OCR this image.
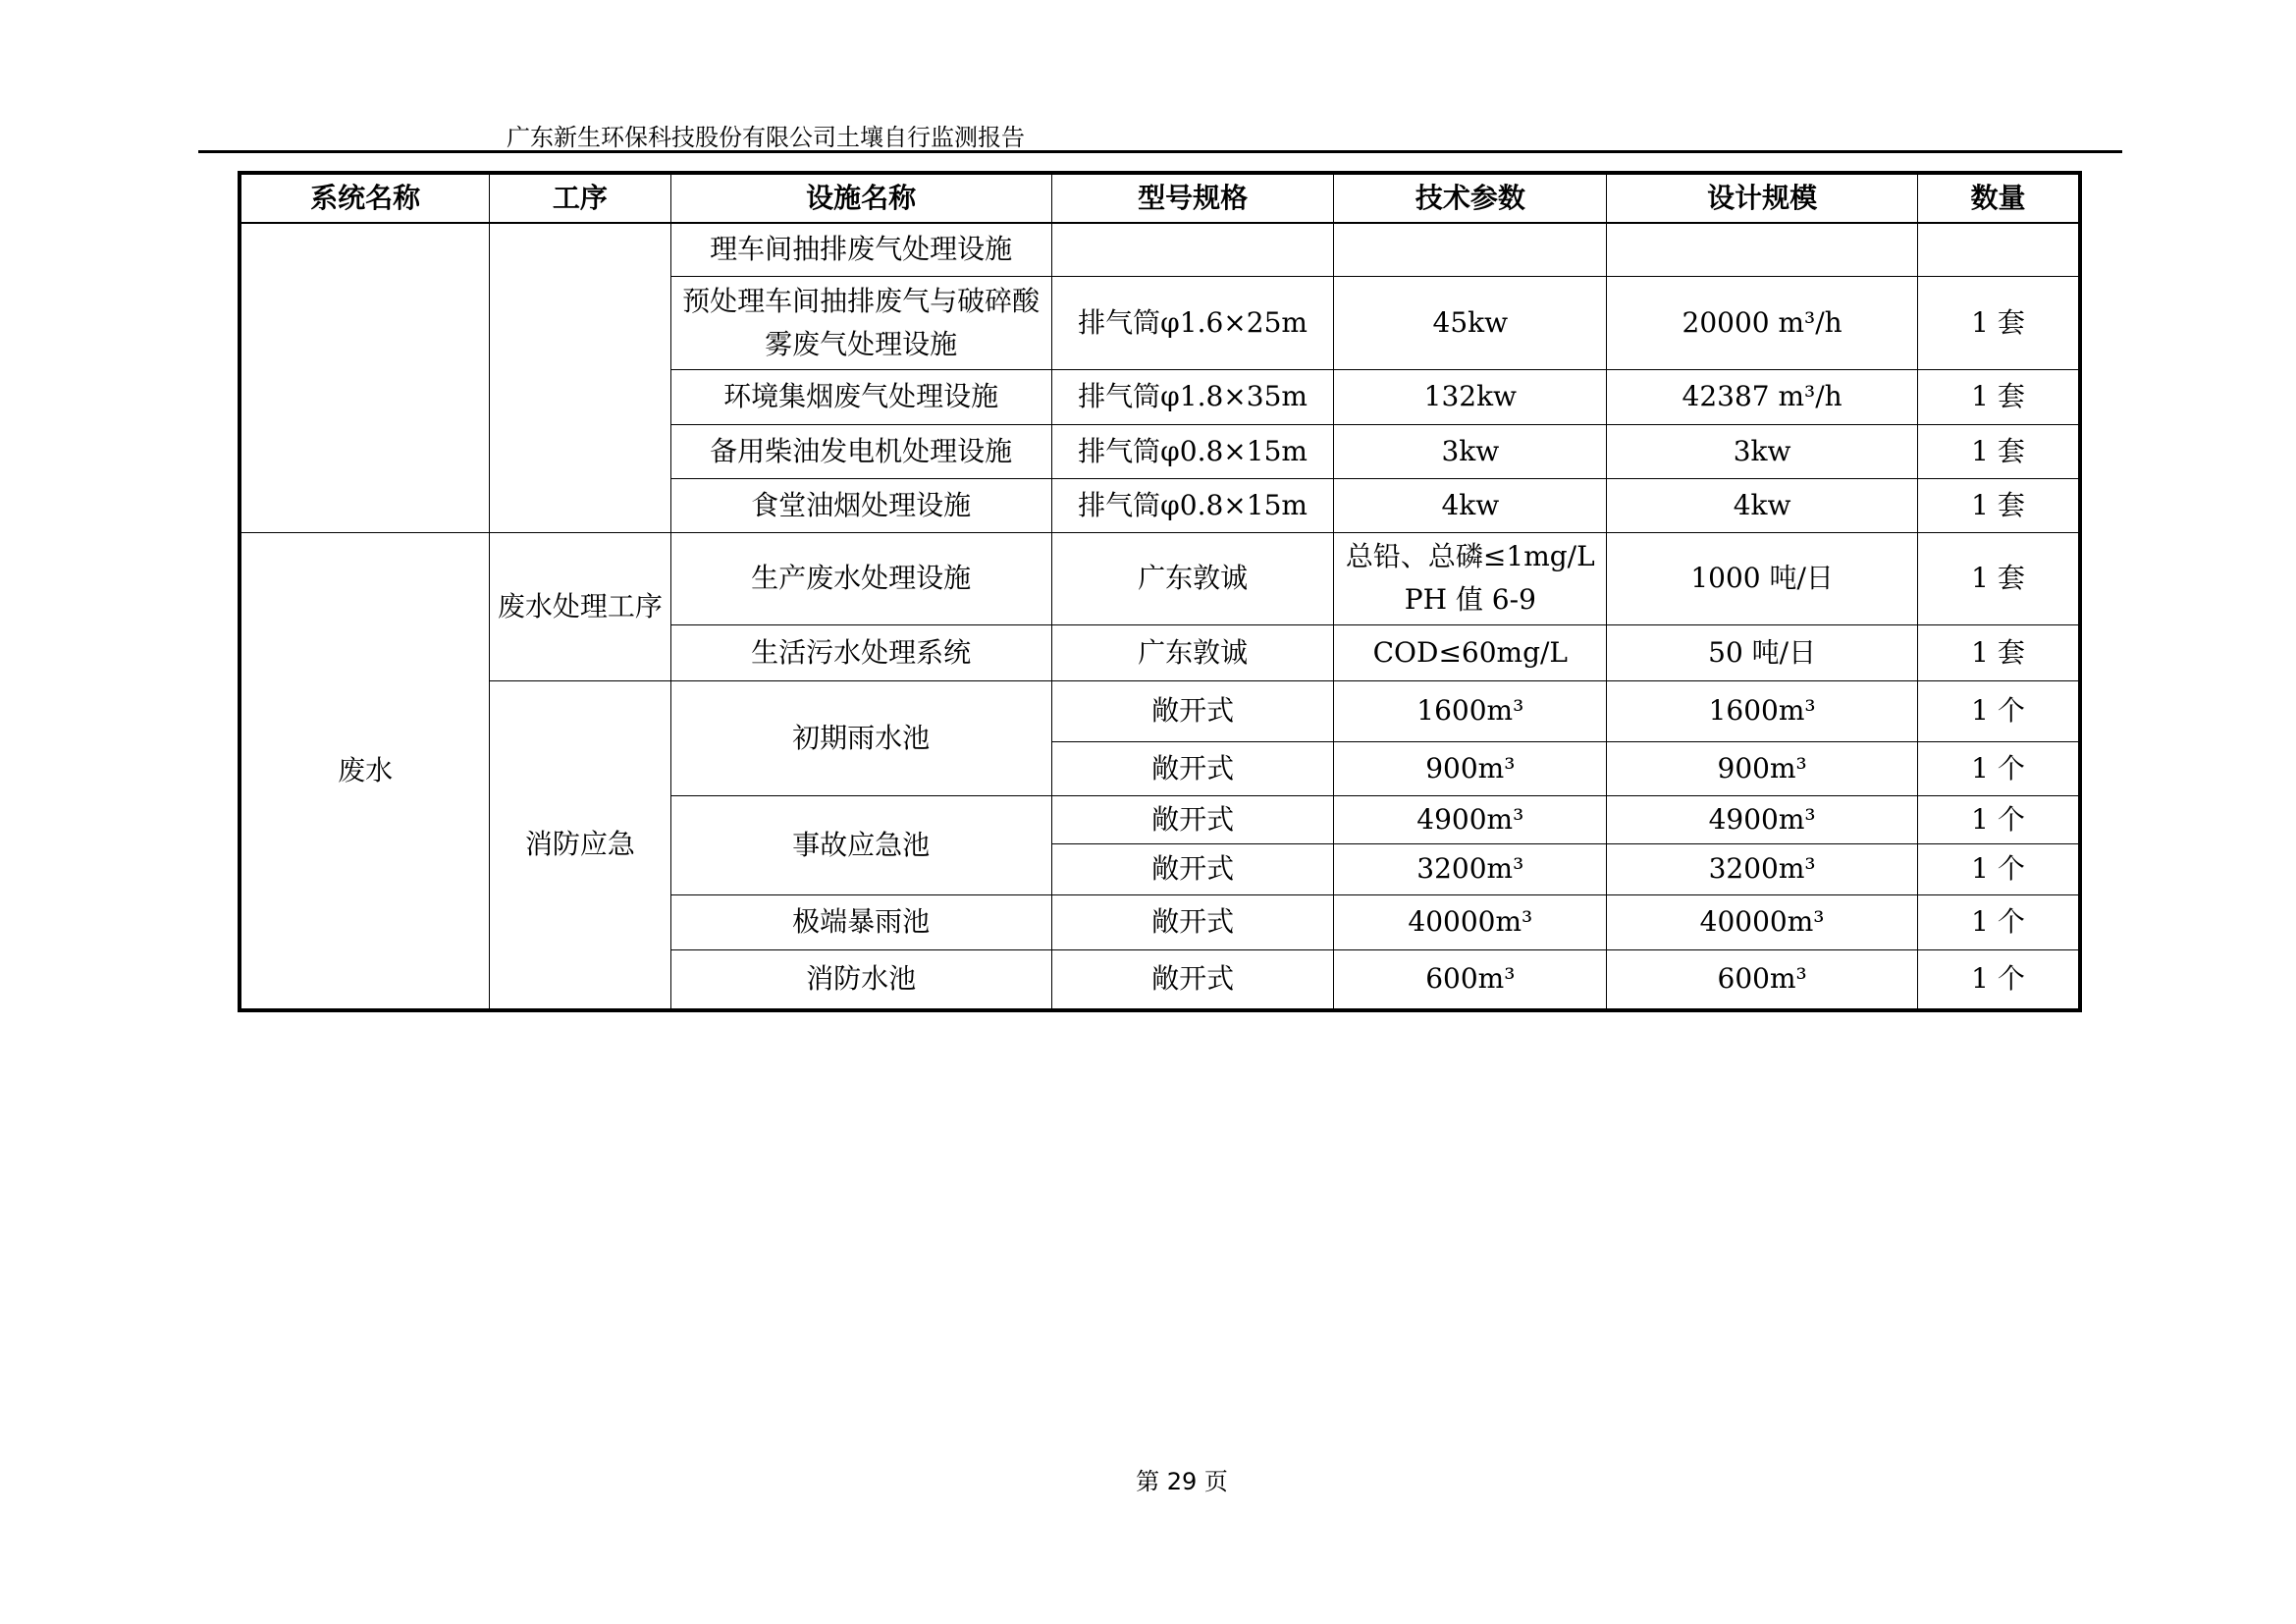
广东新生环保科技股份有限公司土壤自行监测报告
系统名称	工序	设施名称	型号规格	技术参数	设计规模	数量
		理车间抽排废气处理设施				
		预处理车间抽排废气与破碎酸雾废气处理设施	排气筒φ1.6×25m	45kw	20000 m³/h	1 套
		环境集烟废气处理设施	排气筒φ1.8×35m	132kw	42387 m³/h	1 套
		备用柴油发电机处理设施	排气筒φ0.8×15m	3kw	3kw	1 套
		食堂油烟处理设施	排气筒φ0.8×15m	4kw	4kw	1 套
废水	废水处理工序	生产废水处理设施	广东敦诚	总铅、总磷≤1mg/L PH 值 6-9	1000 吨/日	1 套
		生活污水处理系统	广东敦诚	COD≤60mg/L	50 吨/日	1 套
	消防应急	初期雨水池	敞开式	1600m³	1600m³	1 个
			敞开式	900m³	900m³	1 个
		事故应急池	敞开式	4900m³	4900m³	1 个
			敞开式	3200m³	3200m³	1 个
		极端暴雨池	敞开式	40000m³	40000m³	1 个
		消防水池	敞开式	600m³	600m³	1 个
第 29 页
